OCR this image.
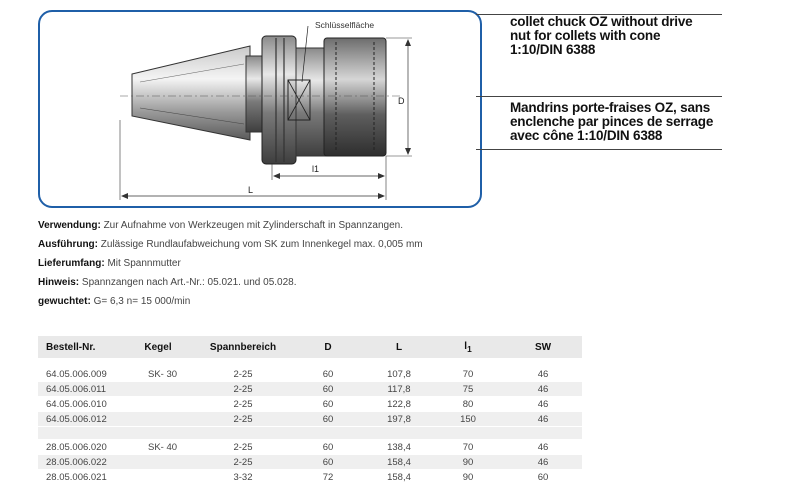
Schlüsselfläche
D
l1
L
collet chuck OZ without drive
nut for collets with cone
1:10/DIN 6388
Mandrins porte-fraises OZ, sans
enclenche par pinces de serrage
avec cône 1:10/DIN 6388
Verwendung: Zur Aufnahme von Werkzeugen mit Zylinderschaft in Spannzangen.
Ausführung: Zulässige Rundlaufabweichung vom SK zum Innenkegel max. 0,005 mm
Lieferumfang: Mit Spannmutter
Hinweis: Spannzangen nach Art.-Nr.: 05.021. und 05.028.
gewuchtet: G= 6,3 n= 15 000/min
Bestell-Nr.	Kegel	Spannbereich	D	L	$l_1$	SW

64.05.006.009	SK- 30	2-25	60	107,8	70	46
64.05.006.011		2-25	60	117,8	75	46
64.05.006.010		2-25	60	122,8	80	46
64.05.006.012		2-25	60	197,8	150	46

28.05.006.020	SK- 40	2-25	60	138,4	70	46
28.05.006.022		2-25	60	158,4	90	46
28.05.006.021		3-32	72	158,4	90	60
